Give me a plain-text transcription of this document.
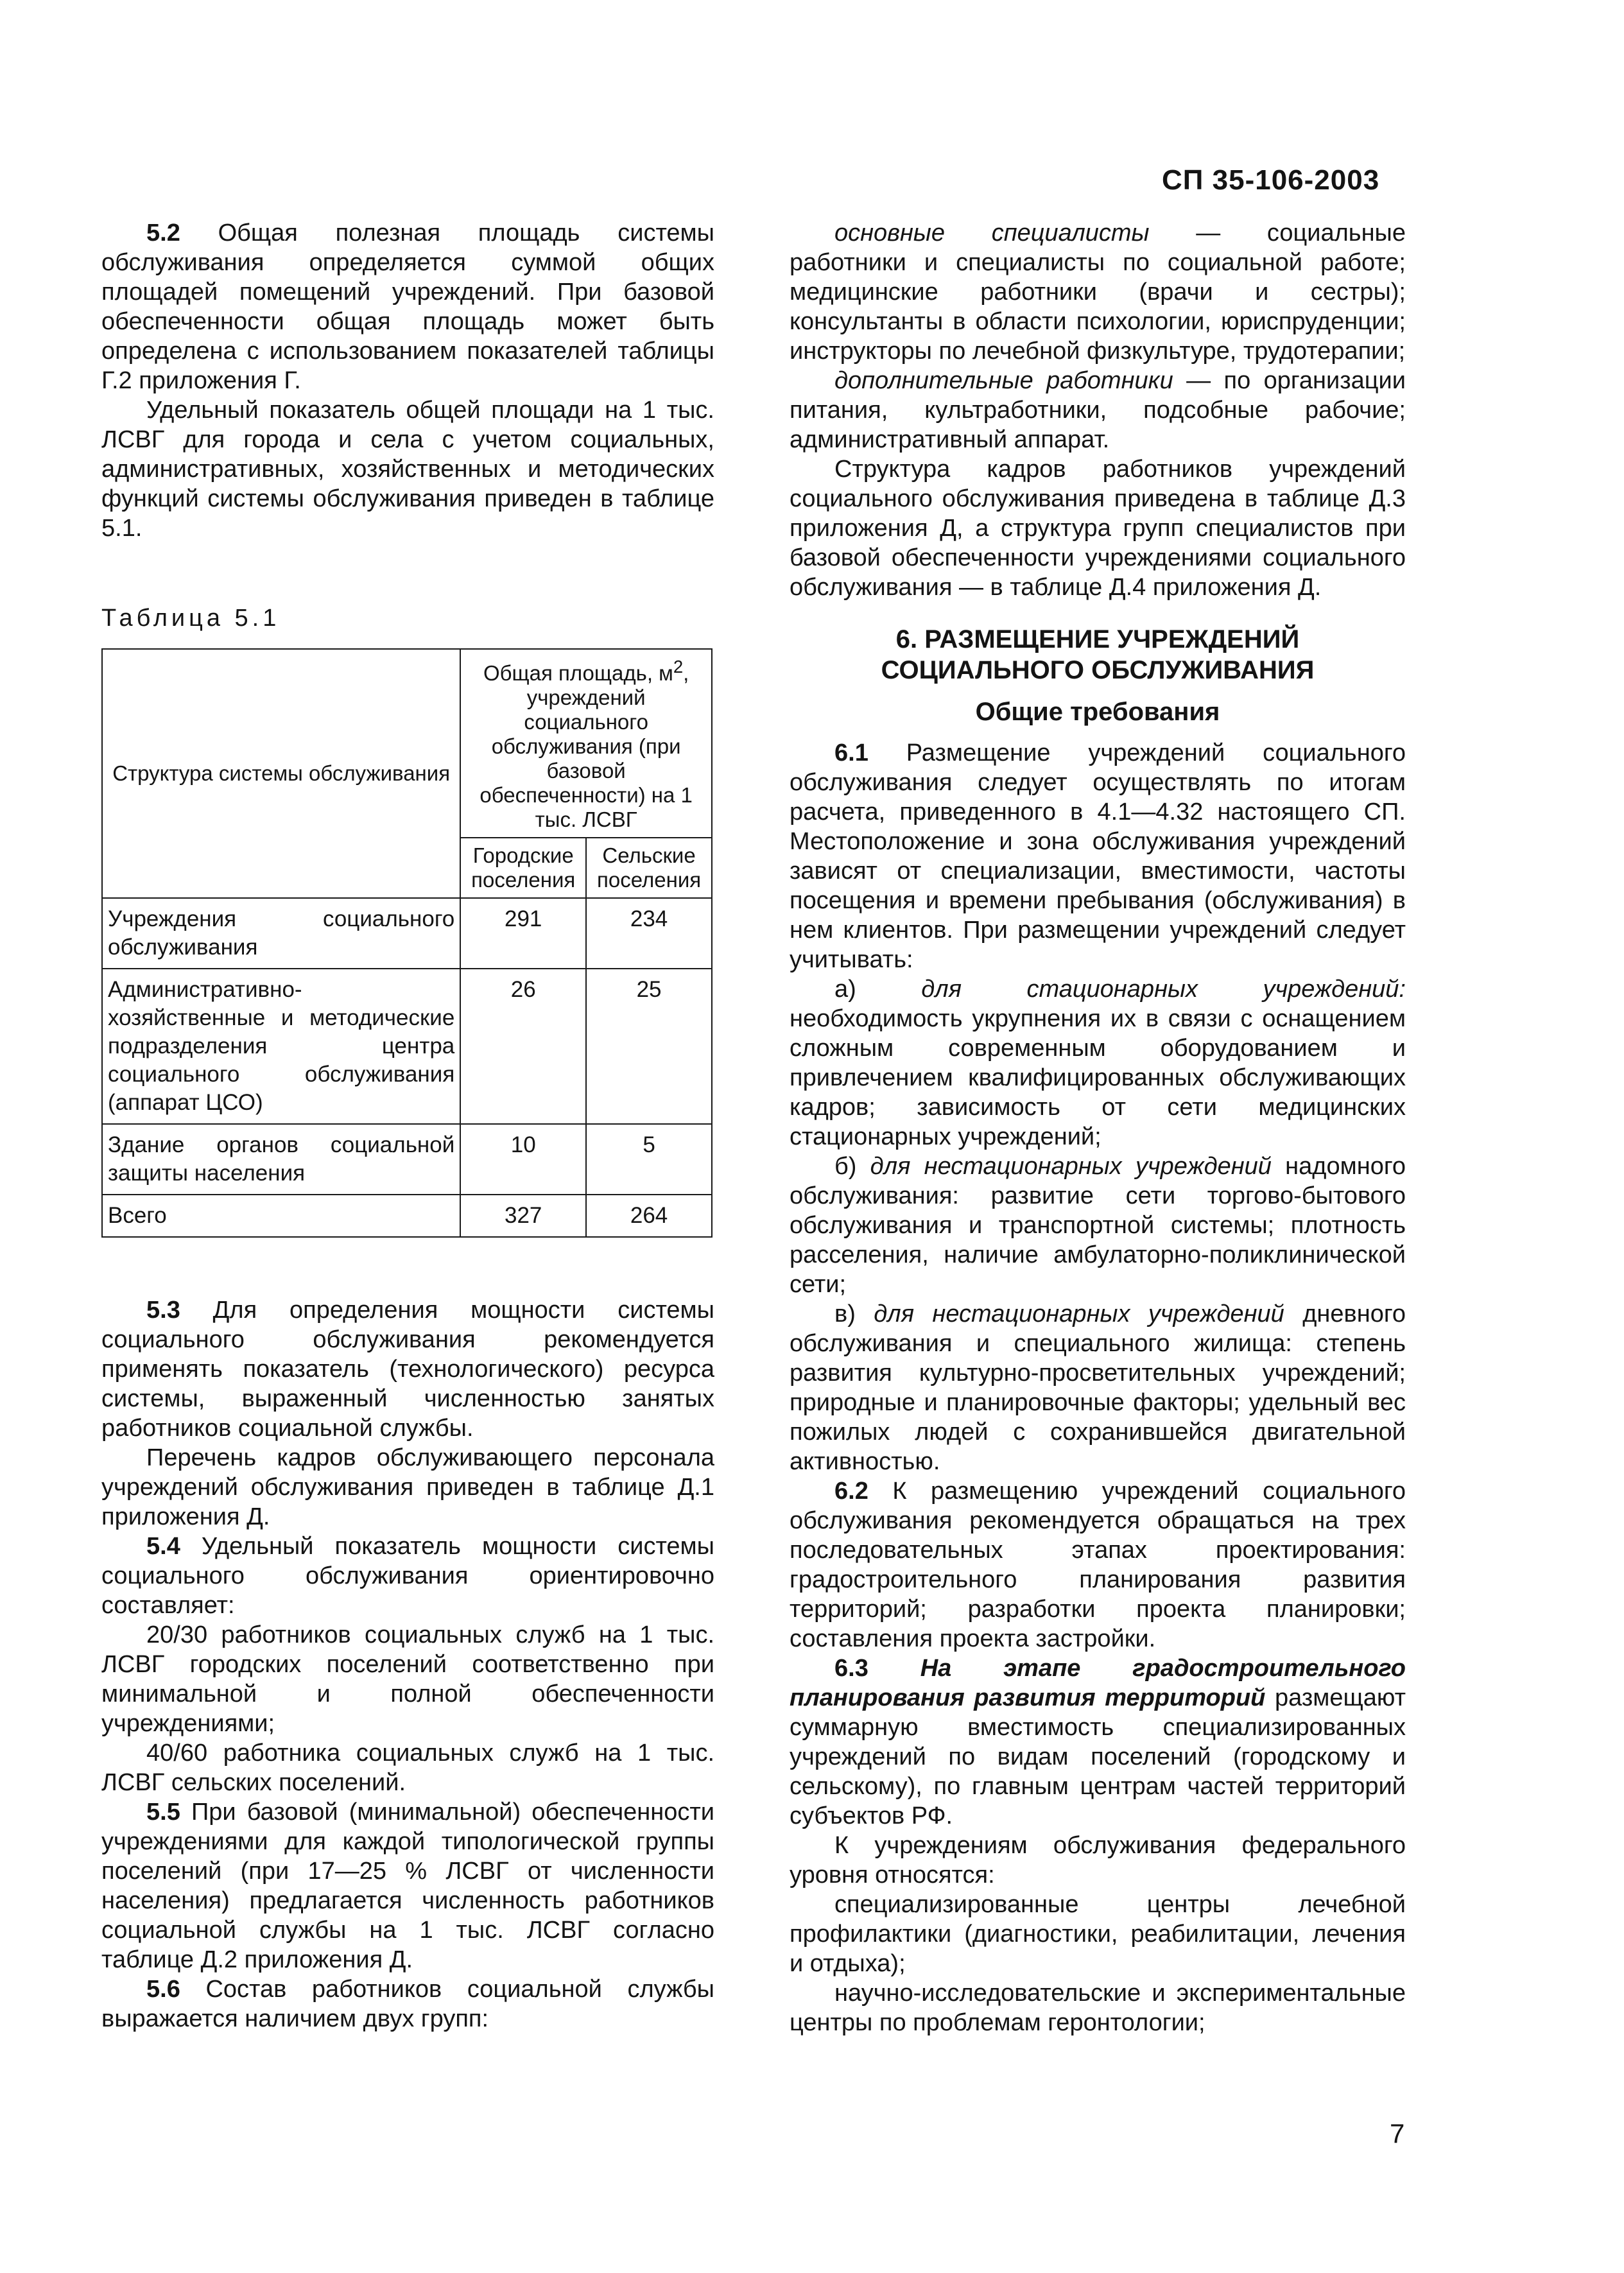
СП 35-106-2003

5.2 Общая полезная площадь системы обслуживания определяется суммой общих площадей помещений учреждений. При базовой обеспеченности общая площадь может быть определена с использованием показателей таблицы Г.2 приложения Г.

Удельный показатель общей площади на 1 тыс. ЛСВГ для города и села с учетом социальных, административных, хозяйственных и методических функций системы обслуживания приведен в таблице 5.1.

Таблица 5.1

Структура системы обслуживания	Общая площадь, $м^2$, учреждений социального обслуживания (при базовой обеспеченности) на 1 тыс. ЛСВГ	
	Городские поселения	Сельские поселения
Учреждения социального обслуживания	291	234
Административно-хозяйственные и методические подразделения центра социального обслуживания (аппарат ЦСО)	26	25
Здание органов социальной защиты населения	10	5
Всего	327	264

5.3 Для определения мощности системы социального обслуживания рекомендуется применять показатель (технологического) ресурса системы, выраженный численностью занятых работников социальной службы.

Перечень кадров обслуживающего персонала учреждений обслуживания приведен в таблице Д.1 приложения Д.

5.4 Удельный показатель мощности системы социального обслуживания ориентировочно составляет:

20/30 работников социальных служб на 1 тыс. ЛСВГ городских поселений соответственно при минимальной и полной обеспеченности учреждениями;

40/60 работника социальных служб на 1 тыс. ЛСВГ сельских поселений.

5.5 При базовой (минимальной) обеспеченности учреждениями для каждой типологической группы поселений (при 17—25 % ЛСВГ от численности населения) предлагается численность работников социальной службы на 1 тыс. ЛСВГ согласно таблице Д.2 приложения Д.

5.6 Состав работников социальной службы выражается наличием двух групп:

основные специалисты — социальные работники и специалисты по социальной работе; медицинские работники (врачи и сестры); консультанты в области психологии, юриспруденции; инструкторы по лечебной физкультуре, трудотерапии;

дополнительные работники — по организации питания, культработники, подсобные рабочие; административный аппарат.

Структура кадров работников учреждений социального обслуживания приведена в таблице Д.3 приложения Д, а структура групп специалистов при базовой обеспеченности учреждениями социального обслуживания — в таблице Д.4 приложения Д.

6. РАЗМЕЩЕНИЕ УЧРЕЖДЕНИЙ
СОЦИАЛЬНОГО ОБСЛУЖИВАНИЯ

Общие требования

6.1 Размещение учреждений социального обслуживания следует осуществлять по итогам расчета, приведенного в 4.1—4.32 настоящего СП. Местоположение и зона обслуживания учреждений зависят от специализации, вместимости, частоты посещения и времени пребывания (обслуживания) в нем клиентов. При размещении учреждений следует учитывать:

а) для стационарных учреждений: необходимость укрупнения их в связи с оснащением сложным современным оборудованием и привлечением квалифицированных обслуживающих кадров; зависимость от сети медицинских стационарных учреждений;

б) для нестационарных учреждений надомного обслуживания: развитие сети торгово-бытового обслуживания и транспортной системы; плотность расселения, наличие амбулаторно-поликлинической сети;

в) для нестационарных учреждений дневного обслуживания и специального жилища: степень развития культурно-просветительных учреждений; природные и планировочные факторы; удельный вес пожилых людей с сохранившейся двигательной активностью.

6.2 К размещению учреждений социального обслуживания рекомендуется обращаться на трех последовательных этапах проектирования: градостроительного планирования развития территорий; разработки проекта планировки; составления проекта застройки.

6.3 На этапе градостроительного планирования развития территорий размещают суммарную вместимость специализированных учреждений по видам поселений (городскому и сельскому), по главным центрам частей территорий субъектов РФ.

К учреждениям обслуживания федерального уровня относятся:

специализированные центры лечебной профилактики (диагностики, реабилитации, лечения и отдыха);

научно-исследовательские и экспериментальные центры по проблемам геронтологии;

7
